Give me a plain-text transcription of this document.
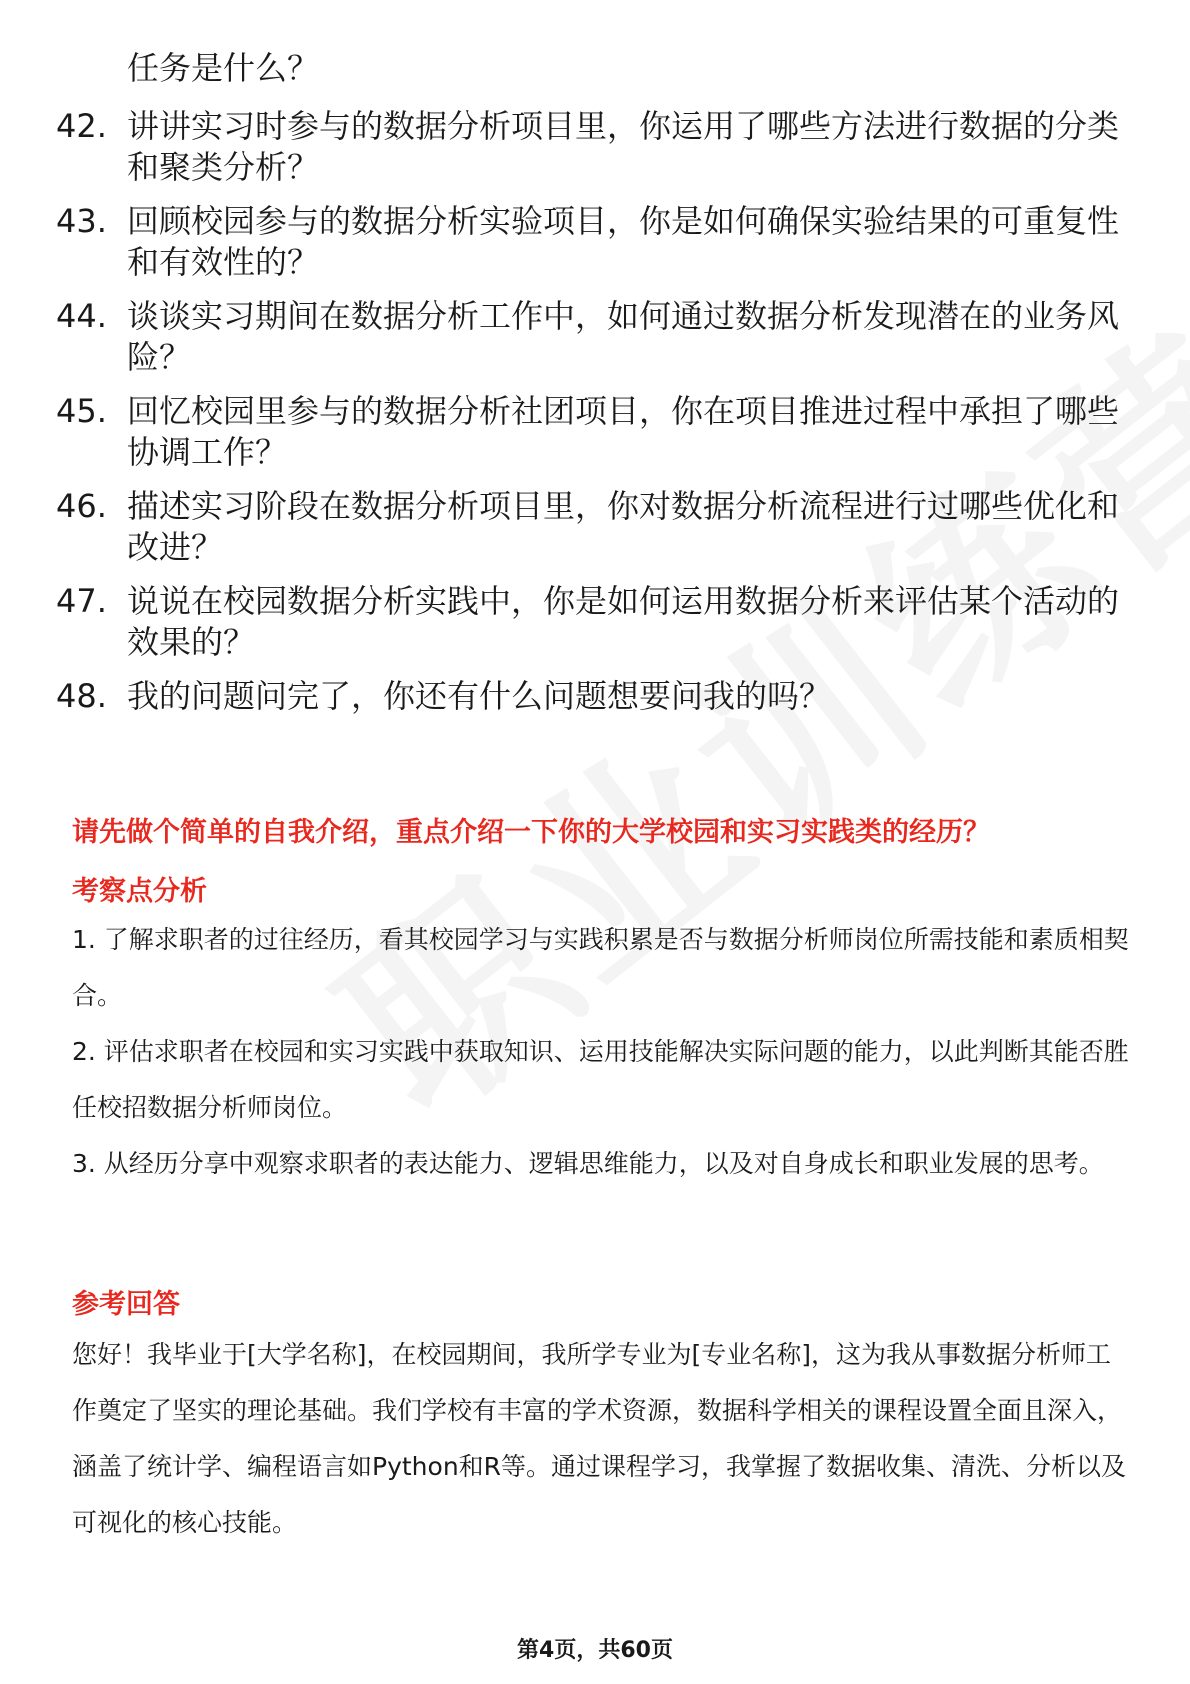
任务是什么？
42. 讲讲实习时参与的数据分析项目里，你运用了哪些方法进行数据的分类和聚类分析？
43. 回顾校园参与的数据分析实验项目，你是如何确保实验结果的可重复性和有效性的？
44. 谈谈实习期间在数据分析工作中，如何通过数据分析发现潜在的业务风险？
45. 回忆校园里参与的数据分析社团项目，你在项目推进过程中承担了哪些协调工作？
46. 描述实习阶段在数据分析项目里，你对数据分析流程进行过哪些优化和改进？
47. 说说在校园数据分析实践中，你是如何运用数据分析来评估某个活动的效果的？
48. 我的问题问完了，你还有什么问题想要问我的吗？
请先做个简单的自我介绍，重点介绍一下你的大学校园和实习实践类的经历？
考察点分析
1. 了解求职者的过往经历，看其校园学习与实践积累是否与数据分析师岗位所需技能和素质相契合。
2. 评估求职者在校园和实习实践中获取知识、运用技能解决实际问题的能力，以此判断其能否胜任校招数据分析师岗位。
3. 从经历分享中观察求职者的表达能力、逻辑思维能力，以及对自身成长和职业发展的思考。
参考回答
您好！我毕业于[大学名称]，在校园期间，我所学专业为[专业名称]，这为我从事数据分析师工作奠定了坚实的理论基础。我们学校有丰富的学术资源，数据科学相关的课程设置全面且深入，涵盖了统计学、编程语言如Python和R等。通过课程学习，我掌握了数据收集、清洗、分析以及可视化的核心技能。
第4页，共60页
